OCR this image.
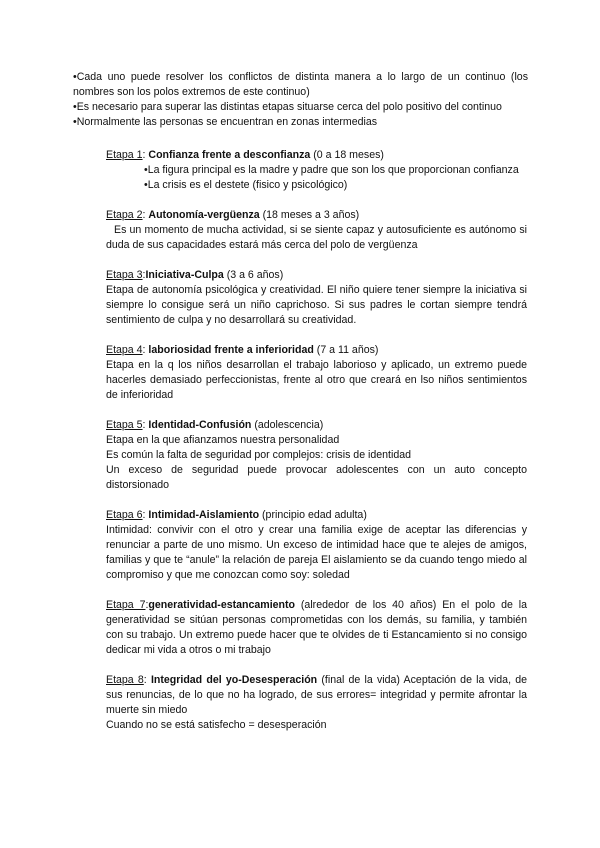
•Cada uno puede resolver los conflictos de distinta manera a lo largo de un continuo (los nombres son los polos extremos de este continuo)

•Es necesario para superar las distintas etapas situarse cerca del polo positivo del continuo

•Normalmente las personas se encuentran en zonas intermedias

Etapa 1: Confianza frente a desconfianza (0 a 18 meses)

•La figura principal es la madre y padre que son los que proporcionan confianza

•La crisis es el destete (fisico y psicológico)

Etapa 2: Autonomía-vergüenza (18 meses a 3 años)

Es un momento de mucha actividad, si se siente capaz y autosuficiente es autónomo si duda de sus capacidades estará más cerca del polo de vergüenza

Etapa 3:Iniciativa-Culpa (3 a 6 años)

Etapa de autonomía psicológica y creatividad. El niño quiere tener siempre la iniciativa si siempre lo consigue será un niño caprichoso. Si sus padres le cortan siempre tendrá sentimiento de culpa y no desarrollará su creatividad.

Etapa 4: laboriosidad frente a inferioridad (7 a 11 años)

Etapa en la q los niños desarrollan el trabajo laborioso y aplicado, un extremo puede hacerles demasiado perfeccionistas, frente al otro que creará en lso niños sentimientos de inferioridad

Etapa 5: Identidad-Confusión (adolescencia)

Etapa en la que afianzamos nuestra personalidad

Es común la falta de seguridad por complejos: crisis de identidad

Un exceso de seguridad puede provocar adolescentes con un auto concepto distorsionado

Etapa 6: Intimidad-Aislamiento (principio edad adulta)

Intimidad: convivir con el otro y crear una familia exige de aceptar las diferencias y renunciar a parte de uno mismo. Un exceso de intimidad hace que te alejes de amigos, familias y que te “anule” la relación de pareja El aislamiento se da cuando tengo miedo al compromiso y que me conozcan como soy: soledad

Etapa 7:generatividad-estancamiento (alrededor de los 40 años) En el polo de la generatividad se sitúan personas comprometidas con los demás, su familia, y también con su trabajo. Un extremo puede hacer que te olvides de ti Estancamiento si no consigo dedicar mi vida a otros o mi trabajo

Etapa 8: Integridad del yo-Desesperación (final de la vida) Aceptación de la vida, de sus renuncias, de lo que no ha logrado, de sus errores= integridad y permite afrontar la muerte sin miedo

Cuando no se está satisfecho = desesperación
